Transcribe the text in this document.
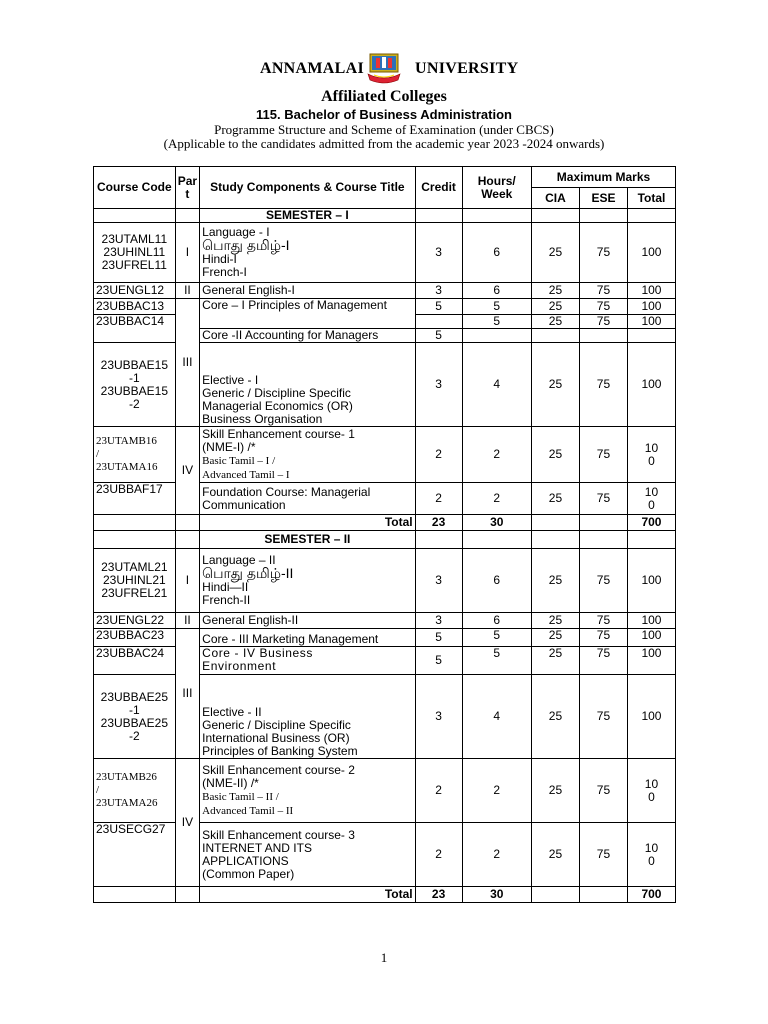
ANNAMALAI	UNIVERSITY
Affiliated Colleges
115. Bachelor of Business Administration
Programme Structure and Scheme of Examination (under CBCS)
(Applicable to the candidates admitted from the academic year 2023 -2024 onwards)
Course Code	Par t	Study Components & Course Title	Credit	Hours/ Week	Maximum Marks		
					CIA	ESE	Total
		SEMESTER – I					
23UTAML11
23UHINL11
23UFREL11	I	Language - I
பொது தமிழ்-I
Hindi-I
French-I	3	6	25	75	100
23UENGL12	II	General English-I	3	6	25	75	100
23UBBAC13	III	Core – I Principles of Management	5	5	25	75	100
23UBBAC14				5	25	75	100
		Core -II Accounting for Managers	5				
23UBBAE15
-1
23UBBAE15
-2		Elective - I
Generic / Discipline Specific
Managerial Economics (OR)
Business Organisation	3	4	25	75	100
23UTAMB16
/
23UTAMA16	IV	Skill Enhancement course- 1
(NME-I) /*
Basic Tamil – I /
Advanced Tamil – I	2	2	25	75	10
0
23UBBAF17		Foundation Course: Managerial
Communication	2	2	25	75	10
0
		Total	23	30			700
		SEMESTER – II					
23UTAML21
23UHINL21
23UFREL21	I	Language – II
பொது தமிழ்-II
Hindi—II
French-II	3	6	25	75	100
23UENGL22	II	General English-II	3	6	25	75	100
23UBBAC23	III	Core - III Marketing Management	5	5	25	75	100
23UBBAC24		Core - IV Business
Environment	5	5	25	75	100
23UBBAE25
-1
23UBBAE25
-2		Elective - II
Generic / Discipline Specific
International Business (OR)
Principles of Banking System	3	4	25	75	100
23UTAMB26
/
23UTAMA26	IV	Skill Enhancement course- 2
(NME-II) /*
Basic Tamil – II /
Advanced Tamil – II	2	2	25	75	10
0
23USECG27		Skill Enhancement course- 3
INTERNET AND ITS
APPLICATIONS
(Common Paper)	2	2	25	75	10
0
		Total	23	30			700
1
